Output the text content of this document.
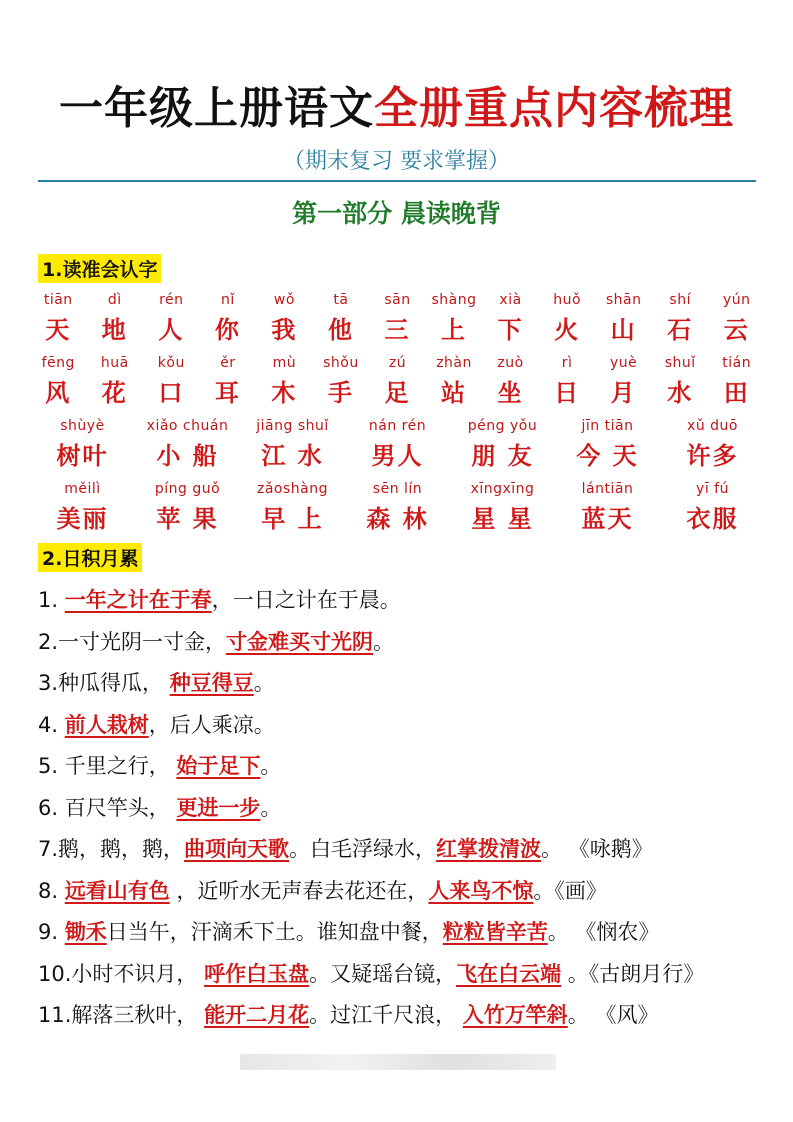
一年级上册语文全册重点内容梳理
（期末复习 要求掌握）
第一部分 晨读晚背
1.读准会认字
tiān
天
dì
地
rén
人
nǐ
你
wǒ
我
tā
他
sān
三
shàng
上
xià
下
huǒ
火
shān
山
shí
石
yún
云
fēng
风
huā
花
kǒu
口
ěr
耳
mù
木
shǒu
手
zú
足
zhàn
站
zuò
坐
rì
日
yuè
月
shuǐ
水
tián
田
shùyè
树叶
xiǎo chuán
小 船
jiāng shuǐ
江 水
nán rén
男人
péng yǒu
朋 友
jīn tiān
今 天
xǔ duō
许多
měilì
美丽
píng guǒ
苹 果
zǎoshàng
早 上
sēn lín
森 林
xīngxīng
星 星
lántiān
蓝天
yī fú
衣服
2.日积月累
1. 一年之计在于春，一日之计在于晨。
2.一寸光阴一寸金，寸金难买寸光阴。
3.种瓜得瓜， 种豆得豆。
4. 前人栽树，后人乘凉。
5. 千里之行， 始于足下。
6. 百尺竿头， 更进一步。
7.鹅，鹅，鹅，曲项向天歌。白毛浮绿水，红掌拨清波。 《咏鹅》
8. 远看山有色 ，近听水无声春去花还在，人来鸟不惊。《画》
9. 锄禾日当午，汗滴禾下土。谁知盘中餐，粒粒皆辛苦。 《悯农》
10.小时不识月， 呼作白玉盘。又疑瑶台镜，飞在白云端 。《古朗月行》
11.解落三秋叶， 能开二月花。过江千尺浪， 入竹万竿斜。 《风》
